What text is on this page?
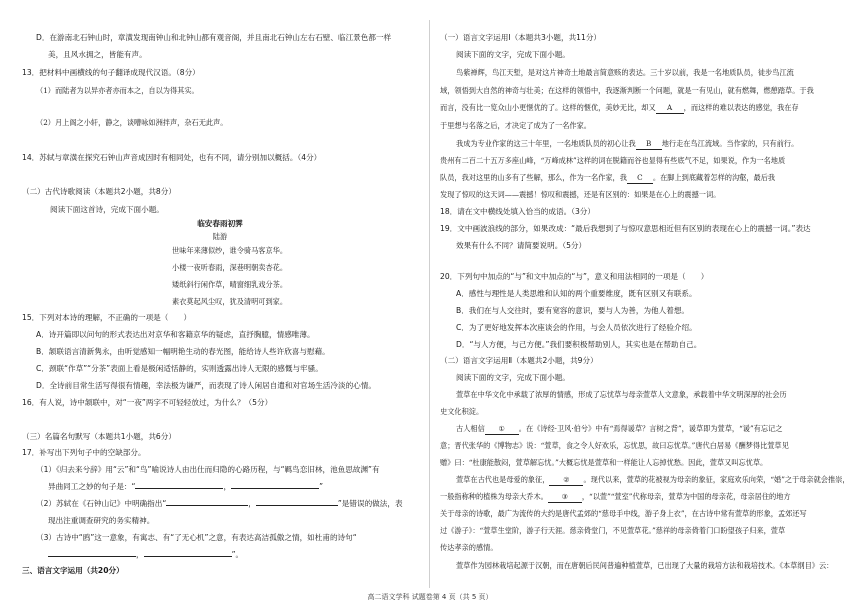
D．在游南北石钟山时，章潢发现南钟山和北钟山都有观音阁，并且南北石钟山左右石壁、临江景色都一样
美，且风水拥之，皆能有声。
13．把材料中画横线的句子翻译成现代汉语。（8分）
（1）而陆者为以异亦者亦而本之，自以为得其实。
（2）月上阁之小轩，静之，谈嘈咏如洲拌声，杂石无此声。
14．苏轼与章潢在探究石钟山声音成因时有相同处，也有不同，请分别加以概括。（4分）
（二）古代诗歌阅读（本题共2小题，共8分）
阅读下面这首诗，完成下面小题。
临安春雨初霁
陆游
世味年来薄似纱，谁令骑马客京华。
小楼一夜听春雨，深巷明朝卖杏花。
矮纸斜行闲作草，晴窗细乳戏分茶。
素衣莫起风尘叹，犹及清明可到家。
15．下列对本诗的理解，不正确的一项是（　　）
A．诗开篇即以问句的形式表达出对京华和客籍京华的疑虑，直抒胸臆，情感唯薄。
B．颔联语言清新隽永，由听觉感知一幅明艳生动的春光图，能给诗人些许欣喜与慰藉。
C．颈联“作草”“分茶”表面上看是极闲适恬静的，实则透露出诗人无限的感慨与牢骚。
D．全诗前目常生活写得很有情趣，幸法极为谦严，而表现了诗人闲居自遣和对官场生活冷淡的心情。
16．有人说，诗中颔联中，对“一夜”两字不可轻轻放过，为什么？（5分）
（三）名篇名句默写（本题共1小题，共6分）
17．补写出下列句子中的空缺部分。
（1）《归去来兮辞》用“云”和“鸟”喻说诗人由出仕而归隐的心路历程，与“羁鸟恋旧林，池鱼思故渊”有
异曲同工之妙的句子是：“	，	”
（2）苏轼在《石钟山记》中明确指出“	，	”是错误的做法，表
现出注重调查研究的务实精神。
（3）古诗中“鸥”这一意象，有寓志、有“了无心机”之意，有表达高洁孤傲之情，如杜甫的诗句“
，	”。
三、语言文字运用（共20分）
（一）语言文字运用Ⅰ（本题共3小题，共11分）
阅读下面的文字，完成下面小题。
鸟紫禅辉，鸟江天堑，是对这片神奇土地最言简意赅的表达。三十岁以前，我是一名地质队员，徒步鸟江流
域，领悟到大自然的神奇与壮美；在这样的领悟中，我逐渐判断一个问题，就是一有见山，就有燃舞，燃憩踏草。于我
而言，没有比一览众山小更惬优的了。这样的惬优，美妙无比，却又 A ，而这样的难以表达的感觉，我在存
于里想与名落之后，才决定了成为了一名作家。
我成为专业作家的这三十年里，一名地质队员的初心让我 B 地行走在鸟江流域。当作家的，只有前行。
贵州有二百二十五万多座山峰，“万峰成林”这样的词在脱籍而谷也显得有些底气不足，如果说，作为一名地质
队员，我对这里的山多有了些解，那么，作为一名作家，我 C 。在脚上到底藏着怎样的沟壑，最后我
发现了惊叹的这天词——震撼！惊叹和震撼，还是有区别的：如果是在心上的震撼一词。
18．请在文中横线处填入恰当的成语。（3分）
19．文中画波浪线的部分，如果改成：“最后我想到了与惊叹意思相近但有区别的表现在心上的震撼一词。”表达
效果有什么不同？请简要说明。（5分）
20．下列句中加点的“与”和文中加点的“与”，意义和用法相同的一项是（　　）
A．感性与理性是人类思维和认知的两个重要维度，既有区别又有联系。
B．我们在与人交往时，要有宽容的意识，要与人为善，为他人着想。
C．为了更好地发挥本次座谈会的作用，与会人员依次进行了经验介绍。
D．“与人方便，与己方便。”我们要积极帮助别人，其实也是在帮助自己。
（二）语言文字运用Ⅱ（本题共2小题，共9分）
阅读下面的文字，完成下面小题。
萱草在中华文化中承载了浓厚的情感，形成了忘忧草与母亲萱草人文意象，承载着中华文明深厚的社会历
史文化积淀。
古人相信 ① 。在《诗经·卫风·伯兮》中有“焉得谖草？言树之背”，谖草即为萱草，“谖”有忘记之
意；晋代张华的《博物志》说：“萱草，食之令人好欢乐，忘忧思，故曰忘忧草。”唐代白居易《酬梦得比萱草见
赠》曰：“杜康能散闷，萱草解忘忧。”大概忘忧是萱草和一样能让人忘掉忧愁。因此，萱草又叫忘忧草。
萱草在古代也是母爱的象征， ② 。现代以来，萱草的花被视为母亲的象征，家庭欢乐向荣，“婚”之于母亲就会推崇，
一般指称种的植株为母亲大乔木。 ③ ，“以萱”“萱室”代称母亲，萱草为中国的母亲花，母亲居住的地方
关于母亲的诗歌，最广为流传的大约是唐代孟郊的“慈母手中线，游子身上衣”，在古诗中常有萱草的形象，孟郊还写
过《游子》：“萱草生堂阶，游子行天涯。慈亲倚堂门，不见萱草花。”慈祥的母亲倚着门口盼望孩子归来，萱草
传达孝亲的感情。
萱草作为园林栽培起源于汉朝，而在唐朝后民间普遍种植萱草，已出现了大量的栽培方法和栽培技术。《本草纲目》云：
高二语文学科 试题卷第 4 页（共 5 页）
